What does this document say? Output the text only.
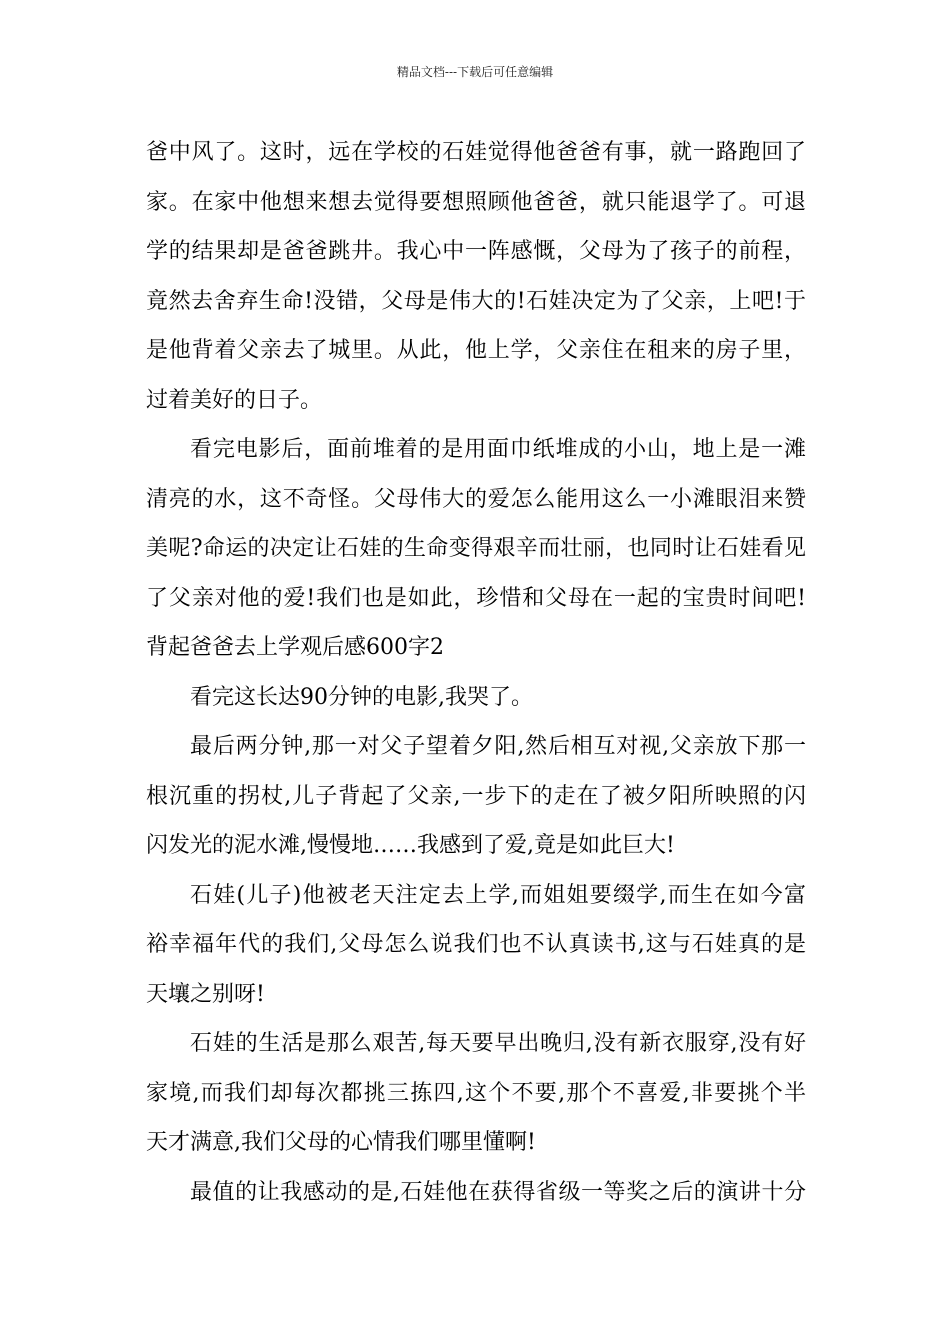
精品文档---下载后可任意编辑
爸中风了。这时，远在学校的石娃觉得他爸爸有事，就一路跑回了
家。在家中他想来想去觉得要想照顾他爸爸，就只能退学了。可退
学的结果却是爸爸跳井。我心中一阵感慨，父母为了孩子的前程，
竟然去舍弃生命!没错，父母是伟大的!石娃决定为了父亲，上吧!于
是他背着父亲去了城里。从此，他上学，父亲住在租来的房子里，
过着美好的日子。
看完电影后，面前堆着的是用面巾纸堆成的小山，地上是一滩
清亮的水，这不奇怪。父母伟大的爱怎么能用这么一小滩眼泪来赞
美呢?命运的决定让石娃的生命变得艰辛而壮丽，也同时让石娃看见
了父亲对他的爱!我们也是如此，珍惜和父母在一起的宝贵时间吧!
背起爸爸去上学观后感600字2
看完这长达90分钟的电影,我哭了。
最后两分钟,那一对父子望着夕阳,然后相互对视,父亲放下那一
根沉重的拐杖,儿子背起了父亲,一步下的走在了被夕阳所映照的闪
闪发光的泥水滩,慢慢地……我感到了爱,竟是如此巨大!
石娃(儿子)他被老天注定去上学,而姐姐要缀学,而生在如今富
裕幸福年代的我们,父母怎么说我们也不认真读书,这与石娃真的是
天壤之别呀!
石娃的生活是那么艰苦,每天要早出晚归,没有新衣服穿,没有好
家境,而我们却每次都挑三拣四,这个不要,那个不喜爱,非要挑个半
天才满意,我们父母的心情我们哪里懂啊!
最值的让我感动的是,石娃他在获得省级一等奖之后的演讲十分
